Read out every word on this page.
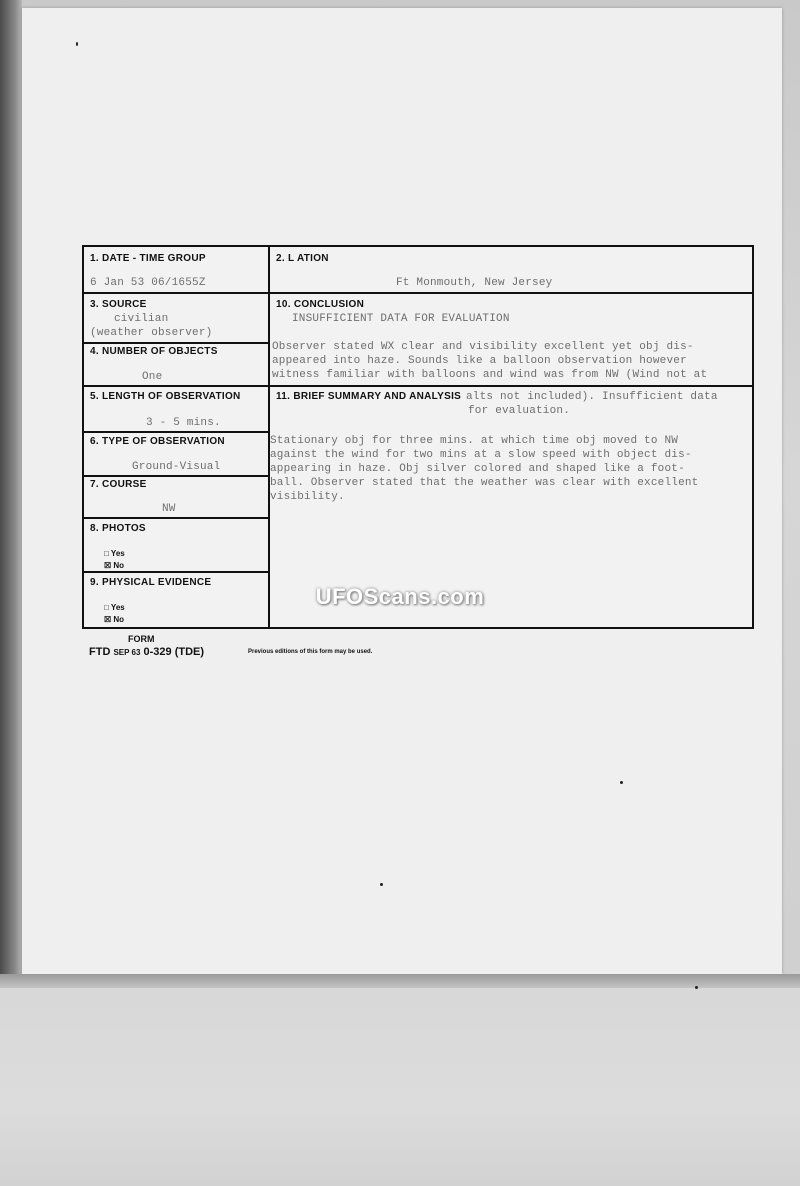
1. DATE - TIME GROUP
6 Jan 53 06/1655Z
2. L ATION
Ft Monmouth, New Jersey
3. SOURCE
civilian
(weather observer)
10. CONCLUSION
INSUFFICIENT DATA FOR EVALUATION
Observer stated WX clear and visibility excellent yet obj dis-
appeared into haze. Sounds like a balloon observation however
witness familiar with balloons and wind was from NW (Wind not at
4. NUMBER OF OBJECTS
One
5. LENGTH OF OBSERVATION
3 - 5 mins.
11. BRIEF SUMMARY AND ANALYSIS alts not included). Insufficient data
for evaluation.
Stationary obj for three mins. at which time obj moved to NW
against the wind for two mins at a slow speed with object dis-
appearing in haze. Obj silver colored and shaped like a foot-
ball. Observer stated that the weather was clear with excellent
visibility.
6. TYPE OF OBSERVATION
Ground-Visual
7. COURSE
NW
8. PHOTOS
□ Yes
☒ No
9. PHYSICAL EVIDENCE
□ Yes
☒ No
UFOScans.com
FORM
FTD SEP 63 0-329 (TDE)	Previous editions of this form may be used.
